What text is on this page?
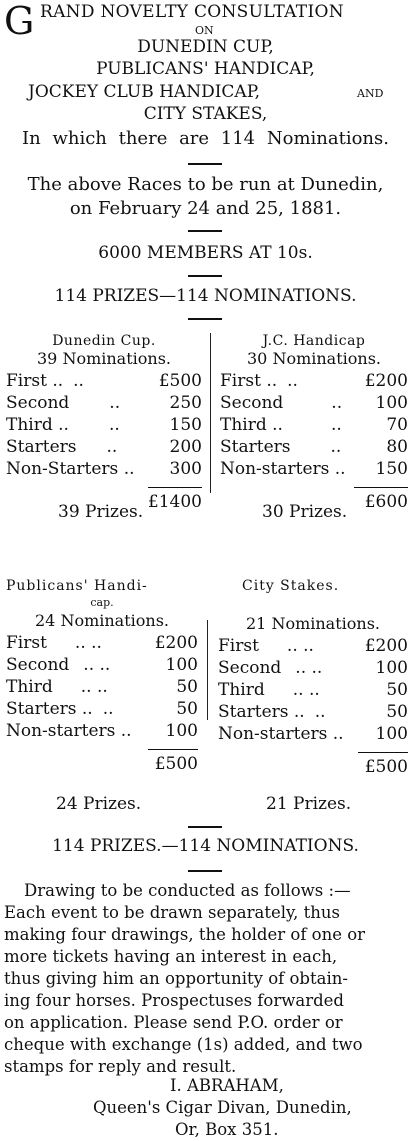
G RAND NOVELTY CONSULTATION
ON
DUNEDIN CUP,
PUBLICANS' HANDICAP,
JOCKEY CLUB HANDICAP,	AND
CITY STAKES,
In which there are 114 Nominations.
The above Races to be run at Dunedin,
on February 24 and 25, 1881.
6000 MEMBERS AT 10s.
114 PRIZES—114 NOMINATIONS.
Dunedin Cup.
39 Nominations.
First .. ..	£500
Second	..	250
Third ..	..	150
Starters	..	200
Non-Starters .. 300
£1400
39 Prizes.
J.C. Handicap
30 Nominations.
First .. ..	£200
Second	..	100
Third ..	..	70
Starters	..	80
Non-starters .. 150
£600
30 Prizes.
Publicans' Handi-
cap.
24 Nominations.
First	.. ..	£200
Second .. ..	100
Third	.. ..	50
Starters .. ..	50
Non-starters .. 100
£500
24 Prizes.
City Stakes.
21 Nominations.
First	.. ..	£200
Second .. ..	100
Third	.. ..	50
Starters .. ..	50
Non-starters .. 100
£500
21 Prizes.
114 PRIZES.—114 NOMINATIONS.
Drawing to be conducted as follows :—
Each event to be drawn separately, thus
making four drawings, the holder of one or
more tickets having an interest in each,
thus giving him an opportunity of obtain-
ing four horses. Prospectuses forwarded
on application. Please send P.O. order or
cheque with exchange (1s) added, and two
stamps for reply and result.
I. ABRAHAM,
Queen's Cigar Divan, Dunedin,
Or, Box 351.
